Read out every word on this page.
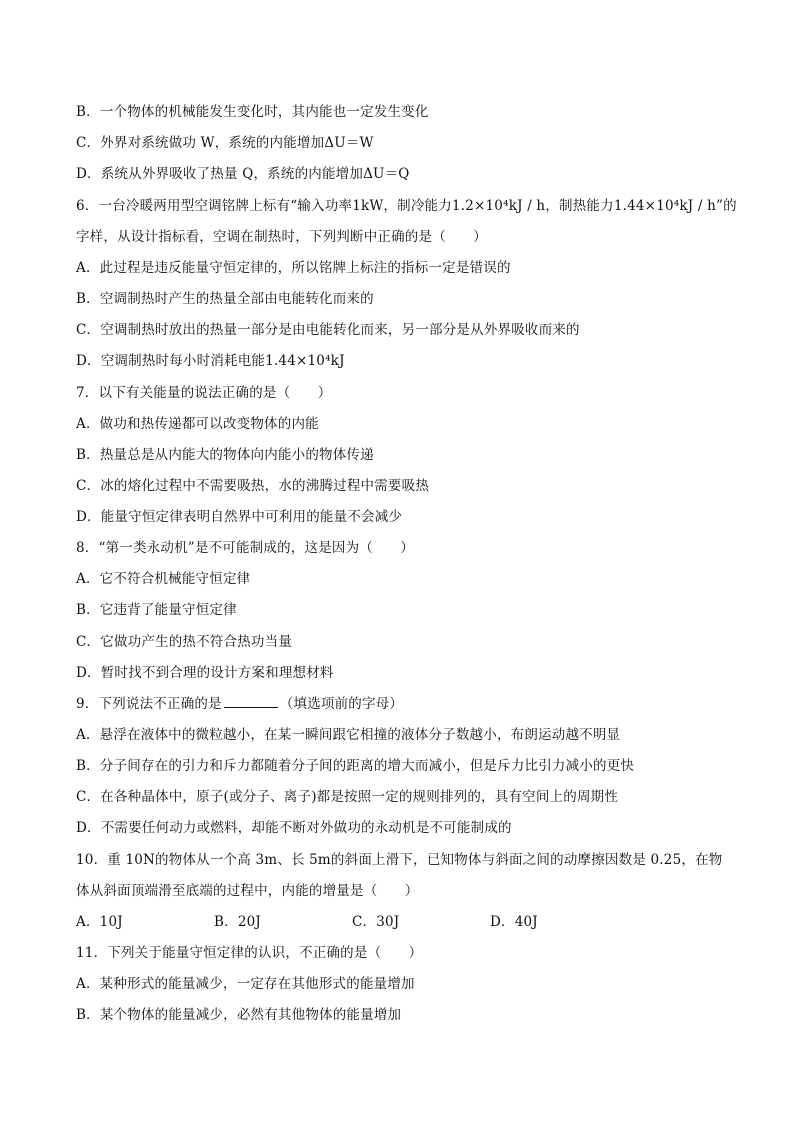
B．一个物体的机械能发生变化时，其内能也一定发生变化
C．外界对系统做功 W，系统的内能增加ΔU＝W
D．系统从外界吸收了热量 Q，系统的内能增加ΔU＝Q
6．一台冷暖两用型空调铭牌上标有“输入功率1kW，制冷能力1.2×10⁴kJ / h，制热能力1.44×10⁴kJ / h”的
字样，从设计指标看，空调在制热时，下列判断中正确的是（　　）
A．此过程是违反能量守恒定律的，所以铭牌上标注的指标一定是错误的
B．空调制热时产生的热量全部由电能转化而来的
C．空调制热时放出的热量一部分是由电能转化而来，另一部分是从外界吸收而来的
D．空调制热时每小时消耗电能1.44×10⁴kJ
7．以下有关能量的说法正确的是（　　）
A．做功和热传递都可以改变物体的内能
B．热量总是从内能大的物体向内能小的物体传递
C．冰的熔化过程中不需要吸热，水的沸腾过程中需要吸热
D．能量守恒定律表明自然界中可利用的能量不会减少
8．“第一类永动机”是不可能制成的，这是因为（　　）
A．它不符合机械能守恒定律
B．它违背了能量守恒定律
C．它做功产生的热不符合热功当量
D．暂时找不到合理的设计方案和理想材料
9．下列说法不正确的是	（填选项前的字母）
A．悬浮在液体中的微粒越小，在某一瞬间跟它相撞的液体分子数越小，布朗运动越不明显
B．分子间存在的引力和斥力都随着分子间的距离的增大而减小，但是斥力比引力减小的更快
C．在各种晶体中，原子(或分子、离子)都是按照一定的规则排列的，具有空间上的周期性
D．不需要任何动力或燃料，却能不断对外做功的永动机是不可能制成的
10．重 10N的物体从一个高 3m、长 5m的斜面上滑下，已知物体与斜面之间的动摩擦因数是 0.25，在物
体从斜面顶端滑至底端的过程中，内能的增量是（　　）
A．10J	B．20J	C．30J	D．40J
11．下列关于能量守恒定律的认识，不正确的是（　　）
A．某种形式的能量减少，一定存在其他形式的能量增加
B．某个物体的能量减少，必然有其他物体的能量增加
